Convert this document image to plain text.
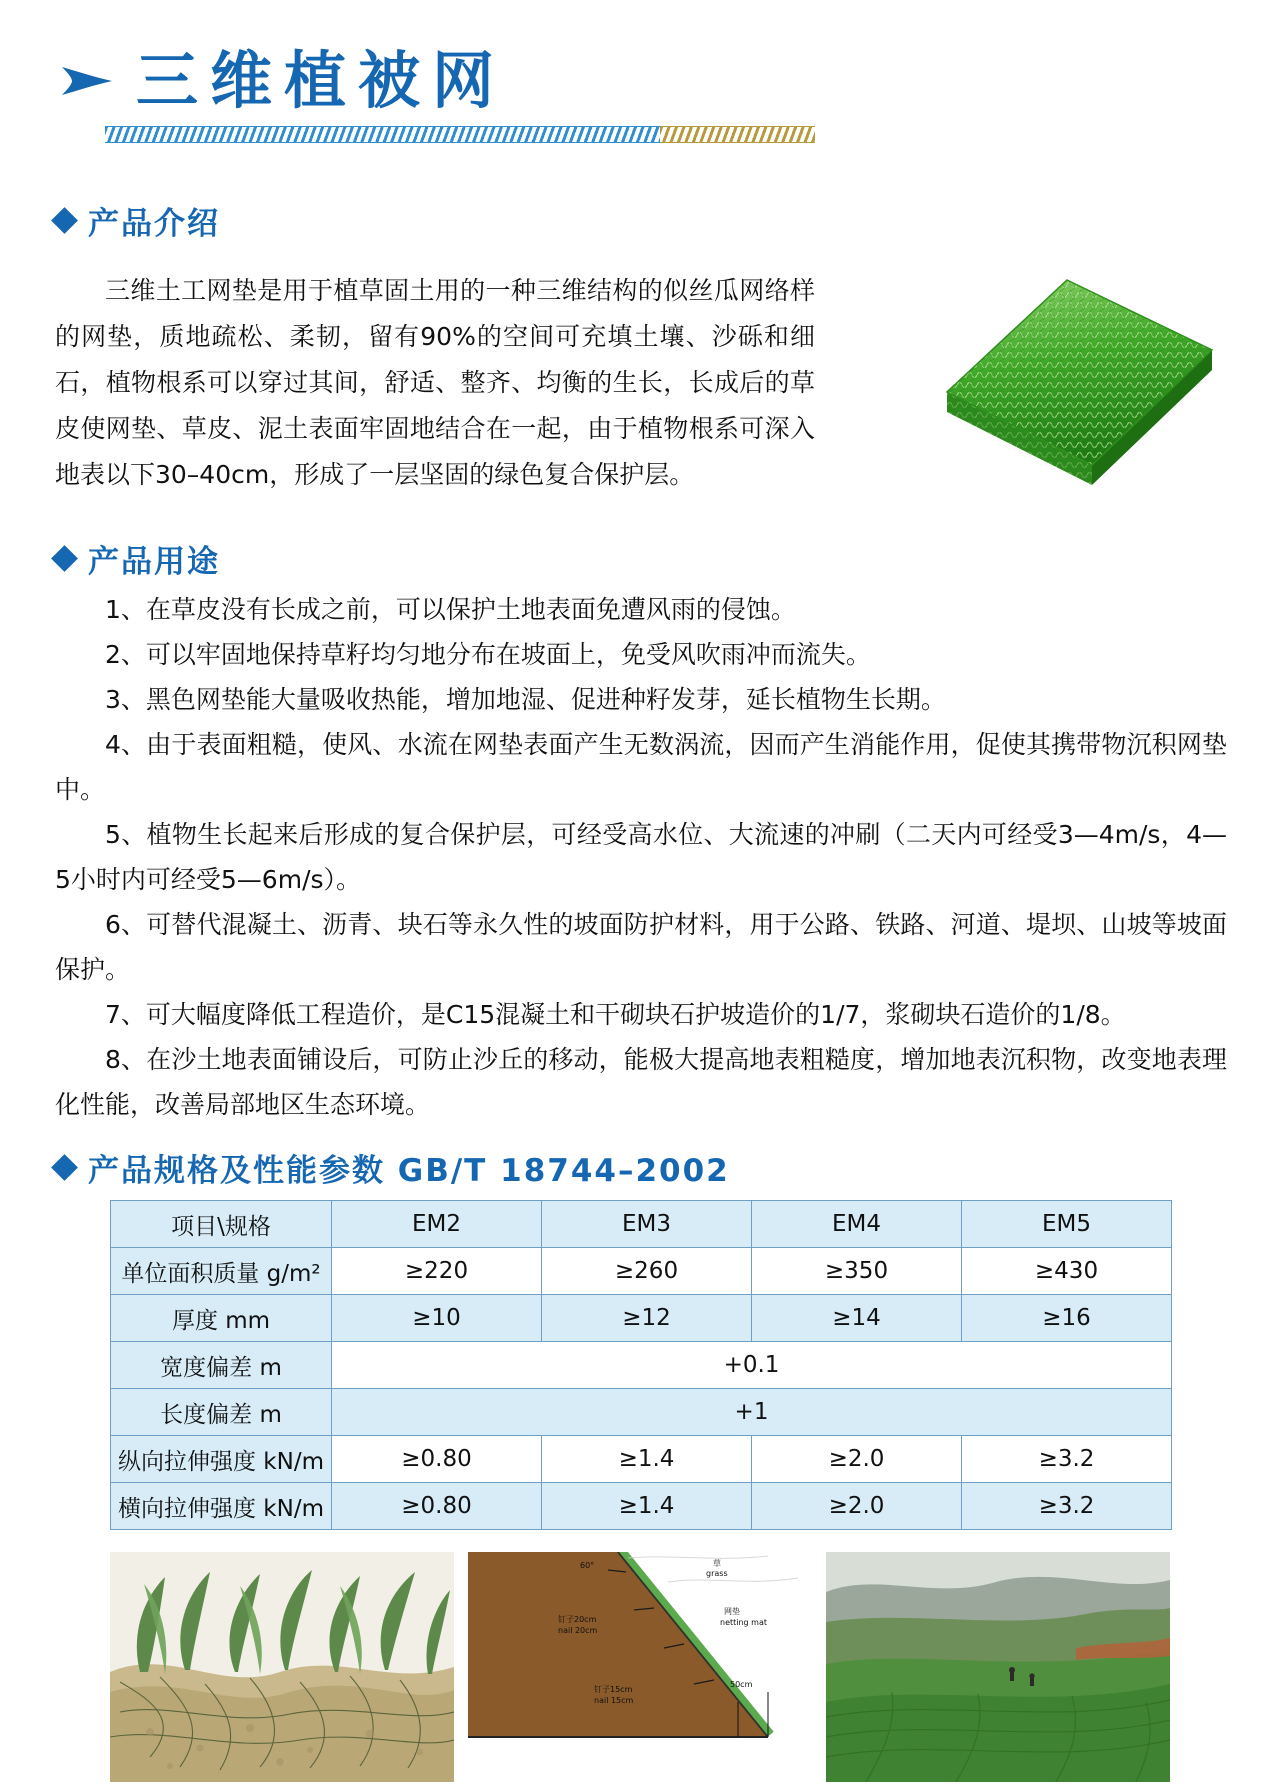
三维植被网
产品介绍

三维土工网垫是用于植草固土用的一种三维结构的似丝瓜网络样的网垫，质地疏松、柔韧，留有90%的空间可充填土壤、沙砾和细石，植物根系可以穿过其间，舒适、整齐、均衡的生长，长成后的草皮使网垫、草皮、泥土表面牢固地结合在一起，由于植物根系可深入地表以下30–40cm，形成了一层坚固的绿色复合保护层。

产品用途
1、在草皮没有长成之前，可以保护土地表面免遭风雨的侵蚀。
2、可以牢固地保持草籽均匀地分布在坡面上，免受风吹雨冲而流失。
3、黑色网垫能大量吸收热能，增加地湿、促进种籽发芽，延长植物生长期。
4、由于表面粗糙，使风、水流在网垫表面产生无数涡流，因而产生消能作用，促使其携带物沉积网垫中。
5、植物生长起来后形成的复合保护层，可经受高水位、大流速的冲刷（二天内可经受3—4m/s，4—5小时内可经受5—6m/s）。
6、可替代混凝土、沥青、块石等永久性的坡面防护材料，用于公路、铁路、河道、堤坝、山坡等坡面保护。
7、可大幅度降低工程造价，是C15混凝土和干砌块石护坡造价的1/7，浆砌块石造价的1/8。
8、在沙土地表面铺设后，可防止沙丘的移动，能极大提高地表粗糙度，增加地表沉积物，改变地表理化性能，改善局部地区生态环境。
产品规格及性能参数 GB/T 18744–2002
项目\规格	EM2	EM3	EM4	EM5
单位面积质量 g/m²	≥220	≥260	≥350	≥430
厚度 mm	≥10	≥12	≥14	≥16
宽度偏差 m	+0.1			
长度偏差 m	+1			
纵向拉伸强度 kN/m	≥0.80	≥1.4	≥2.0	≥3.2
横向拉伸强度 kN/m	≥0.80	≥1.4	≥2.0	≥3.2
60°	草
grass
网垫
netting mat
钉子20cm
nail 20cm
钉子15cm
nail 15cm
50cm
